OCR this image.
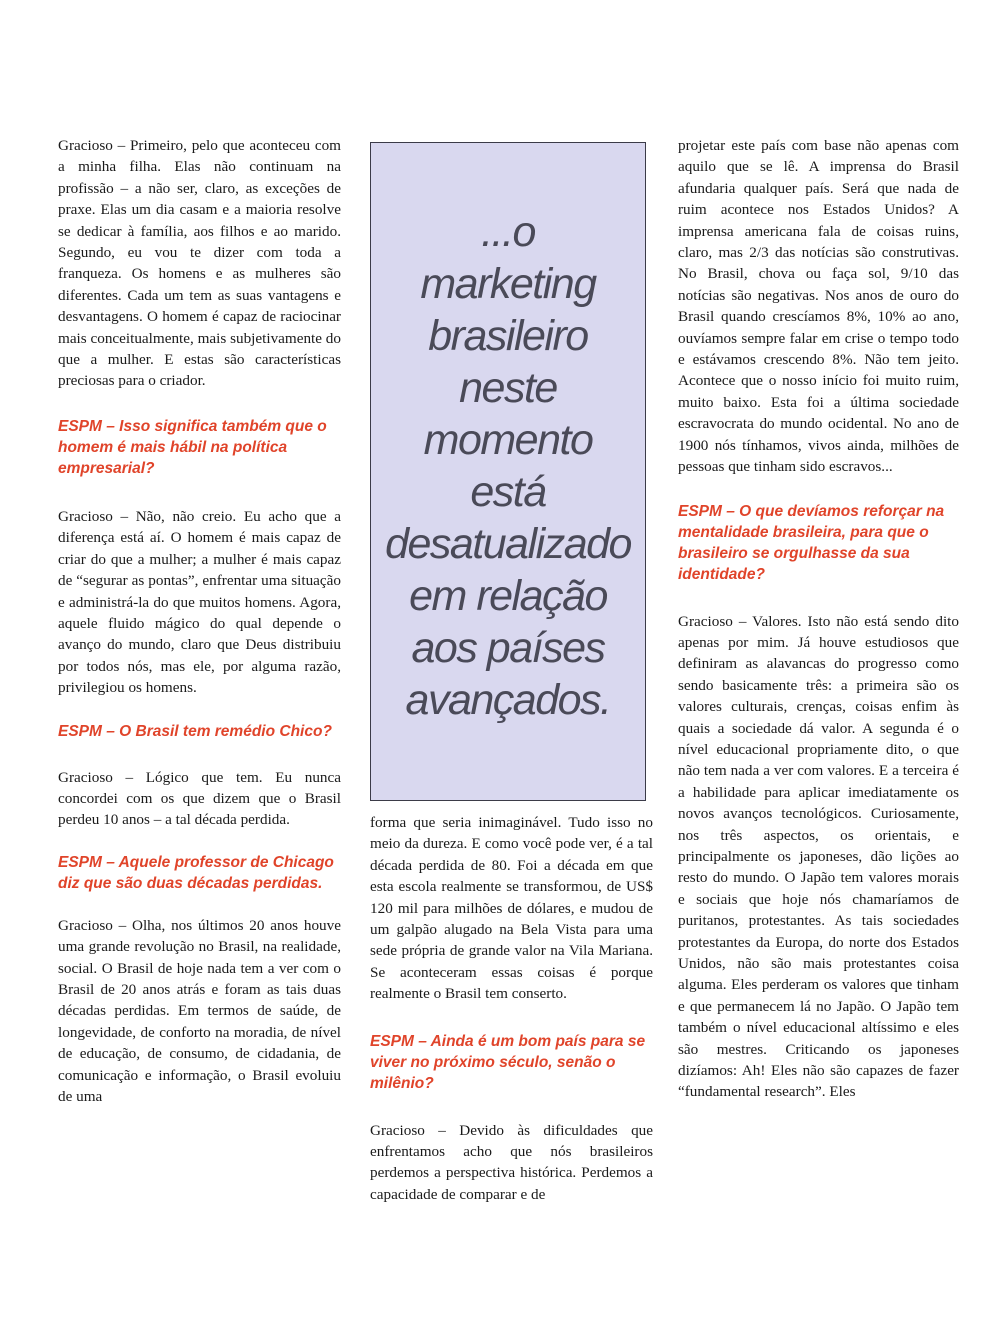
Gracioso – Primeiro, pelo que aconteceu com a minha filha. Elas não continuam na profissão – a não ser, claro, as exceções de praxe. Elas um dia casam e a maioria resolve se dedicar à família, aos filhos e ao marido. Segundo, eu vou te dizer com toda a franqueza. Os homens e as mulheres são diferentes. Cada um tem as suas vantagens e desvantagens. O homem é capaz de raciocinar mais conceitualmente, mais subjetivamente do que a mulher. E estas são características preciosas para o criador.

ESPM – Isso significa também que o homem é mais hábil na política empresarial?

Gracioso – Não, não creio. Eu acho que a diferença está aí. O homem é mais capaz de criar do que a mulher; a mulher é mais capaz de “segurar as pontas”, enfrentar uma situação e administrá-la do que muitos homens. Agora, aquele fluido mágico do qual depende o avanço do mundo, claro que Deus distribuiu por todos nós, mas ele, por alguma razão, privilegiou os homens.

ESPM – O Brasil tem remédio Chico?

Gracioso – Lógico que tem. Eu nunca concordei com os que dizem que o Brasil perdeu 10 anos – a tal década perdida.

ESPM – Aquele professor de Chicago diz que são duas décadas perdidas.

Gracioso – Olha, nos últimos 20 anos houve uma grande revolução no Brasil, na realidade, social. O Brasil de hoje nada tem a ver com o Brasil de 20 anos atrás e foram as tais duas décadas perdidas. Em termos de saúde, de longevidade, de conforto na moradia, de nível de educação, de consumo, de cidadania, de comunicação e informação, o Brasil evoluiu de uma

...o
marketing
brasileiro
neste
momento
está
desatualizado
em relação
aos países
avançados.

forma que seria inimaginável. Tudo isso no meio da dureza. E como você pode ver, é a tal década perdida de 80. Foi a década em que esta escola realmente se transformou, de US$ 120 mil para milhões de dólares, e mudou de um galpão alugado na Bela Vista para uma sede própria de grande valor na Vila Mariana. Se aconteceram essas coisas é porque realmente o Brasil tem conserto.

ESPM – Ainda é um bom país para se viver no próximo século, senão o milênio?

Gracioso – Devido às dificuldades que enfrentamos acho que nós brasileiros perdemos a perspectiva histórica. Perdemos a capacidade de comparar e de

projetar este país com base não apenas com aquilo que se lê. A imprensa do Brasil afundaria qualquer país. Será que nada de ruim acontece nos Estados Unidos? A imprensa americana fala de coisas ruins, claro, mas 2/3 das notícias são construtivas. No Brasil, chova ou faça sol, 9/10 das notícias são negativas. Nos anos de ouro do Brasil quando crescíamos 8%, 10% ao ano, ouvíamos sempre falar em crise o tempo todo e estávamos crescendo 8%. Não tem jeito. Acontece que o nosso início foi muito ruim, muito baixo. Esta foi a última sociedade escravocrata do mundo ocidental. No ano de 1900 nós tínhamos, vivos ainda, milhões de pessoas que tinham sido escravos...

ESPM – O que devíamos reforçar na mentalidade brasileira, para que o brasileiro se orgulhasse da sua identidade?

Gracioso – Valores. Isto não está sendo dito apenas por mim. Já houve estudiosos que definiram as alavancas do progresso como sendo basicamente três: a primeira são os valores culturais, crenças, coisas enfim às quais a sociedade dá valor. A segunda é o nível educacional propriamente dito, o que não tem nada a ver com valores. E a terceira é a habilidade para aplicar imediatamente os novos avanços tecnológicos. Curiosamente, nos três aspectos, os orientais, e principalmente os japoneses, dão lições ao resto do mundo. O Japão tem valores morais e sociais que hoje nós chamaríamos de puritanos, protestantes. As tais sociedades protestantes da Europa, do norte dos Estados Unidos, não são mais protestantes coisa alguma. Eles perderam os valores que tinham e que permanecem lá no Japão. O Japão tem também o nível educacional altíssimo e eles são mestres. Criticando os japoneses dizíamos: Ah! Eles não são capazes de fazer “fundamental research”. Eles
